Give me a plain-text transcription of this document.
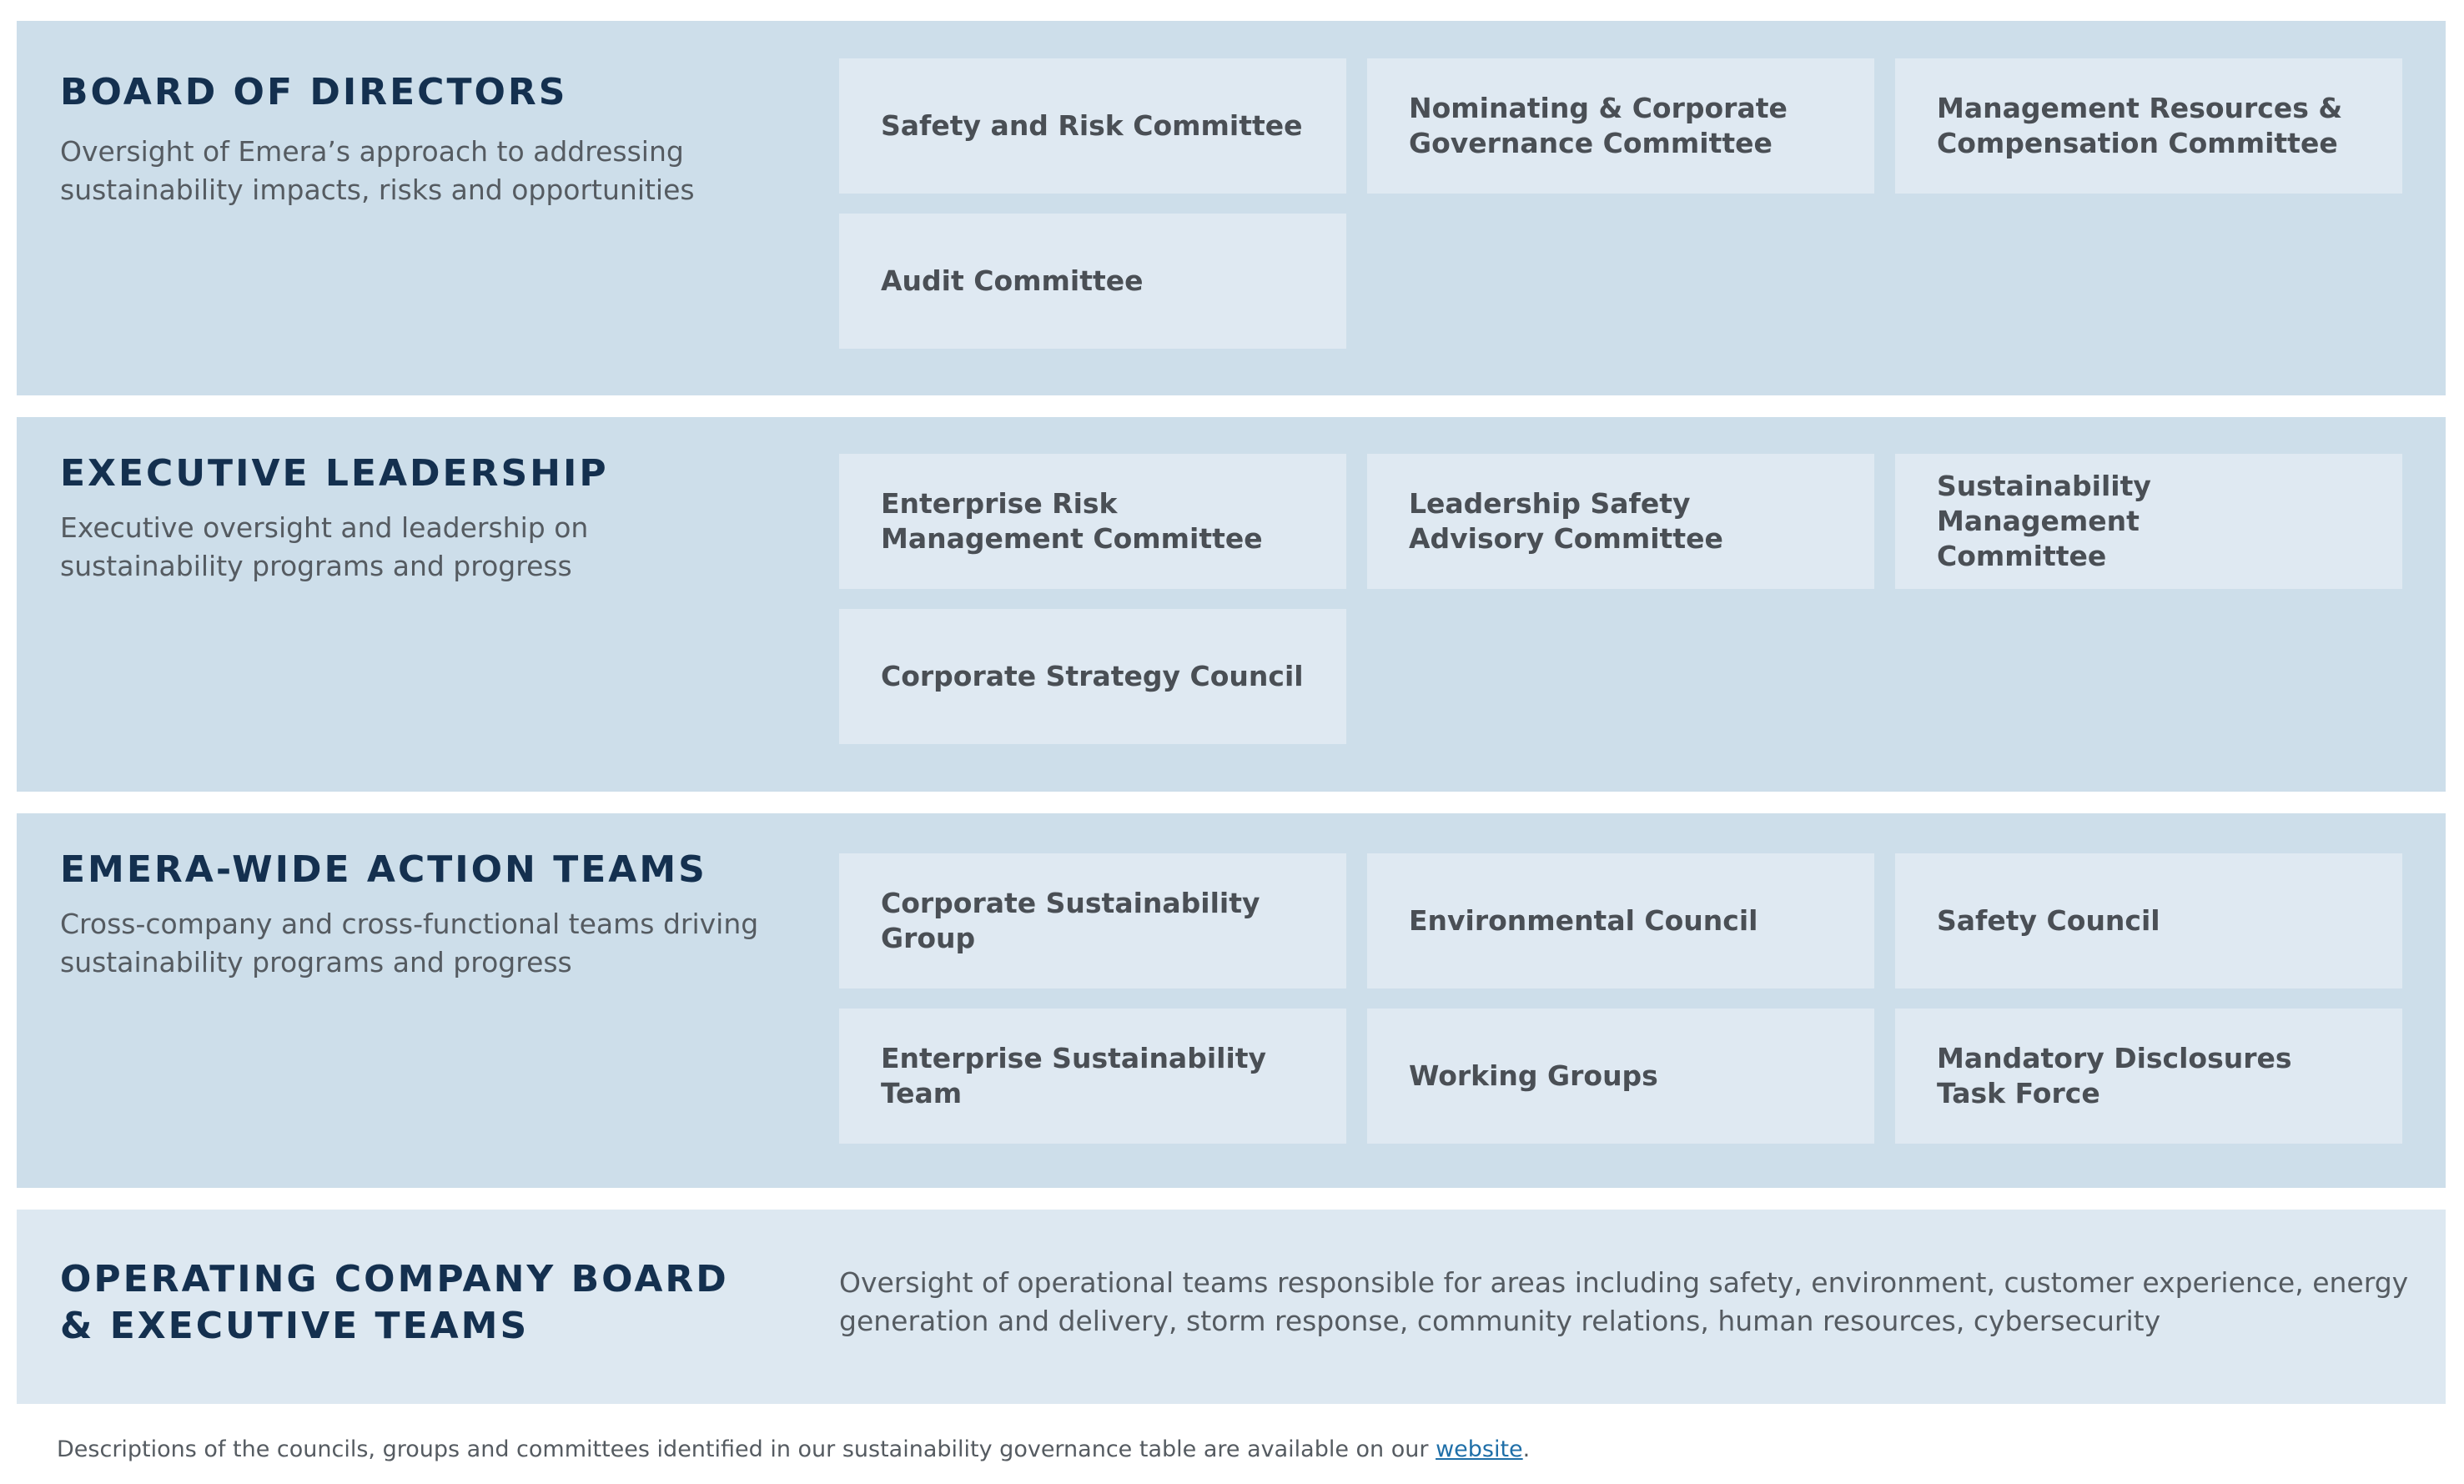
BOARD OF DIRECTORS

Oversight of Emera’s approach to addressing sustainability impacts, risks and opportunities

Safety and Risk Committee
Nominating & Corporate
Governance Committee
Management Resources &
Compensation Committee
Audit Committee
EXECUTIVE LEADERSHIP

Executive oversight and leadership on sustainability programs and progress

Enterprise Risk
Management Committee
Leadership Safety
Advisory Committee
Sustainability Management
Committee
Corporate Strategy Council
EMERA-WIDE ACTION TEAMS

Cross-company and cross-functional teams driving sustainability programs and progress

Corporate Sustainability Group
Environmental Council	Safety Council
Enterprise Sustainability Team
Working Groups
Mandatory Disclosures Task Force
OPERATING COMPANY BOARD
& EXECUTIVE TEAMS

Oversight of operational teams responsible for areas including safety, environment, customer experience, energy generation and delivery, storm response, community relations, human resources, cybersecurity

Descriptions of the councils, groups and committees identified in our sustainability governance table are available on our website.
